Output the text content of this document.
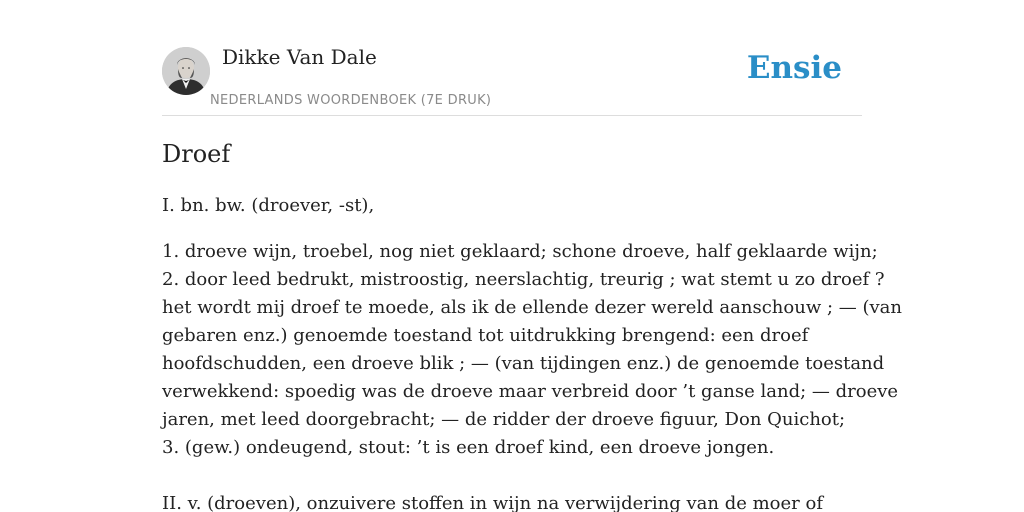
Dikke Van Dale
NEDERLANDS WOORDENBOEK (7E DRUK)
Ensie
Droef

I. bn. bw. (droever, -st),

1. droeve wijn, troebel, nog niet geklaard; schone droeve, half geklaarde wijn;

2. door leed bedrukt, mistroostig, neerslachtig, treurig ; wat stemt u zo droef ?

het wordt mij droef te moede, als ik de ellende dezer wereld aanschouw ; — (van

gebaren enz.) genoemde toestand tot uitdrukking brengend: een droef

hoofdschudden, een droeve blik ; — (van tijdingen enz.) de genoemde toestand

verwekkend: spoedig was de droeve maar verbreid door ’t ganse land; — droeve

jaren, met leed doorgebracht; — de ridder der droeve figuur, Don Quichot;

3. (gew.) ondeugend, stout: ’t is een droef kind, een droeve jongen.

II. v. (droeven), onzuivere stoffen in wijn na verwijdering van de moer of
